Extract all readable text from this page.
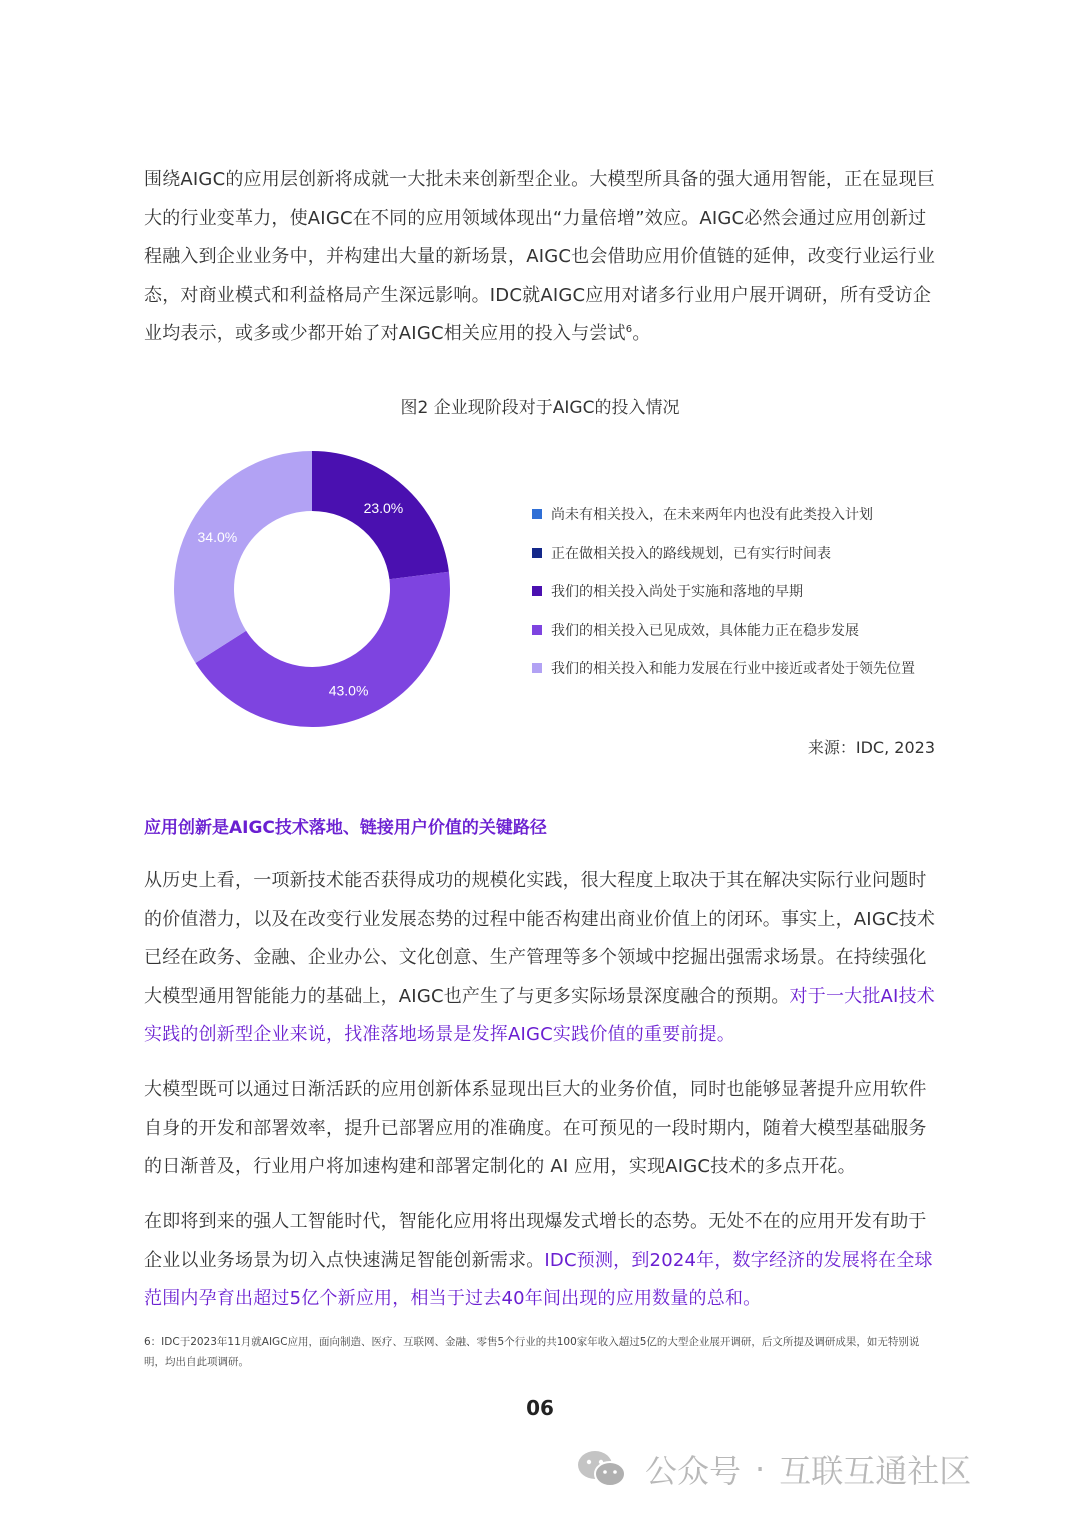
围绕AIGC的应用层创新将成就一大批未来创新型企业。大模型所具备的强大通用智能，正在显现巨大的行业变革力，使AIGC在不同的应用领域体现出“力量倍增”效应。AIGC必然会通过应用创新过程融入到企业业务中，并构建出大量的新场景，AIGC也会借助应用价值链的延伸，改变行业运行业态，对商业模式和利益格局产生深远影响。IDC就AIGC应用对诸多行业用户展开调研，所有受访企业均表示，或多或少都开始了对AIGC相关应用的投入与尝试$^6$。

图2 企业现阶段对于AIGC的投入情况

23.0%
43.0%
34.0%
尚未有相关投入，在未来两年内也没有此类投入计划
正在做相关投入的路线规划，已有实行时间表
我们的相关投入尚处于实施和落地的早期
我们的相关投入已见成效，具体能力正在稳步发展
我们的相关投入和能力发展在行业中接近或者处于领先位置

来源：IDC, 2023

应用创新是AIGC技术落地、链接用户价值的关键路径

从历史上看，一项新技术能否获得成功的规模化实践，很大程度上取决于其在解决实际行业问题时的价值潜力，以及在改变行业发展态势的过程中能否构建出商业价值上的闭环。事实上，AIGC技术已经在政务、金融、企业办公、文化创意、生产管理等多个领域中挖掘出强需求场景。在持续强化大模型通用智能能力的基础上，AIGC也产生了与更多实际场景深度融合的预期。对于一大批AI技术实践的创新型企业来说，找准落地场景是发挥AIGC实践价值的重要前提。

大模型既可以通过日渐活跃的应用创新体系显现出巨大的业务价值，同时也能够显著提升应用软件自身的开发和部署效率，提升已部署应用的准确度。在可预见的一段时期内，随着大模型基础服务的日渐普及，行业用户将加速构建和部署定制化的 AI 应用，实现AIGC技术的多点开花。

在即将到来的强人工智能时代，智能化应用将出现爆发式增长的态势。无处不在的应用开发有助于企业以业务场景为切入点快速满足智能创新需求。IDC预测，到2024年，数字经济的发展将在全球范围内孕育出超过5亿个新应用，相当于过去40年间出现的应用数量的总和。

6：IDC于2023年11月就AIGC应用，面向制造、医疗、互联网、金融、零售5个行业的共100家年收入超过5亿的大型企业展开调研，后文所提及调研成果，如无特别说明，均出自此项调研。

06

公众号 · 互联互通社区
